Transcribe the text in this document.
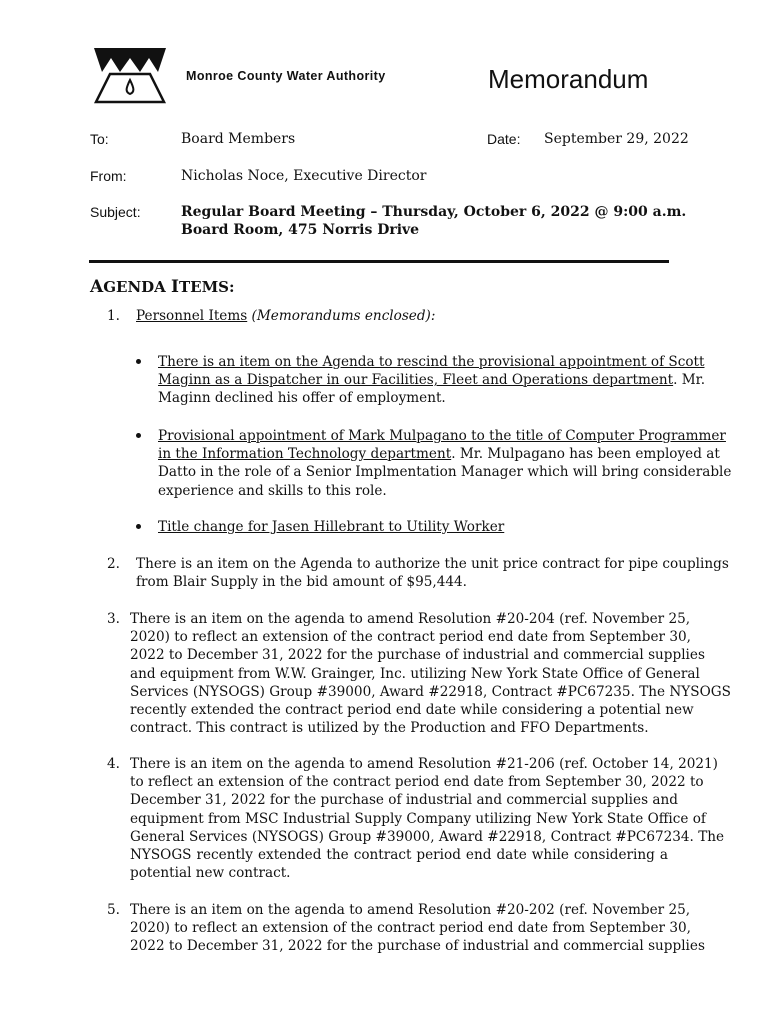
Monroe County Water Authority	Memorandum
To:	Board Members	Date: September 29, 2022
From:	Nicholas Noce, Executive Director
Subject:	Regular Board Meeting – Thursday, October 6, 2022 @ 9:00 a.m.
Board Room, 475 Norris Drive
AGENDA ITEMS:
1. Personnel Items (Memorandums enclosed):
There is an item on the Agenda to rescind the provisional appointment of Scott
Maginn as a Dispatcher in our Facilities, Fleet and Operations department. Mr.
Maginn declined his offer of employment.
Provisional appointment of Mark Mulpagano to the title of Computer Programmer
in the Information Technology department. Mr. Mulpagano has been employed at
Datto in the role of a Senior Implmentation Manager which will bring considerable
experience and skills to this role.
Title change for Jasen Hillebrant to Utility Worker
2. There is an item on the Agenda to authorize the unit price contract for pipe couplings
from Blair Supply in the bid amount of $95,444.
3. There is an item on the agenda to amend Resolution #20-204 (ref. November 25,
2020) to reflect an extension of the contract period end date from September 30,
2022 to December 31, 2022 for the purchase of industrial and commercial supplies
and equipment from W.W. Grainger, Inc. utilizing New York State Office of General
Services (NYSOGS) Group #39000, Award #22918, Contract #PC67235. The NYSOGS
recently extended the contract period end date while considering a potential new
contract. This contract is utilized by the Production and FFO Departments.
4. There is an item on the agenda to amend Resolution #21-206 (ref. October 14, 2021)
to reflect an extension of the contract period end date from September 30, 2022 to
December 31, 2022 for the purchase of industrial and commercial supplies and
equipment from MSC Industrial Supply Company utilizing New York State Office of
General Services (NYSOGS) Group #39000, Award #22918, Contract #PC67234. The
NYSOGS recently extended the contract period end date while considering a
potential new contract.
5. There is an item on the agenda to amend Resolution #20-202 (ref. November 25,
2020) to reflect an extension of the contract period end date from September 30,
2022 to December 31, 2022 for the purchase of industrial and commercial supplies
